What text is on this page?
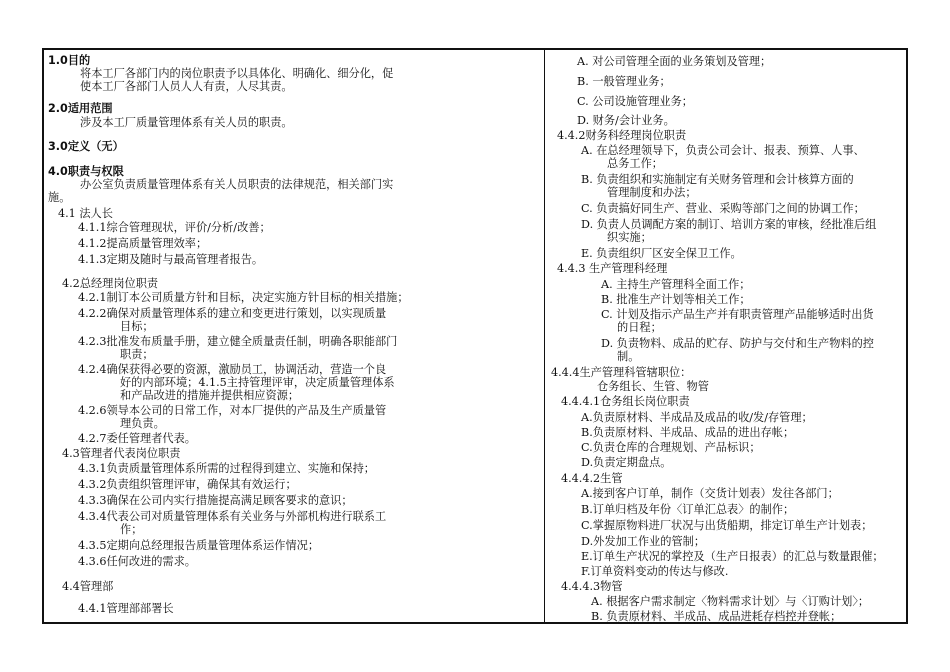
1.0目的
将本工厂各部门内的岗位职责予以具体化、明确化、细分化，促
使本工厂各部门人员人人有责，人尽其责。
2.0适用范围
涉及本工厂质量管理体系有关人员的职责。
3.0定义（无）
4.0职责与权限
办公室负责质量管理体系有关人员职责的法律规范，相关部门实
施。
4.1 法人长
4.1.1综合管理现状，评价/分析/改善；
4.1.2提高质量管理效率；
4.1.3定期及随时与最高管理者报告。
4.2总经理岗位职责
4.2.1制订本公司质量方针和目标，决定实施方针目标的相关措施；
4.2.2确保对质量管理体系的建立和变更进行策划，以实现质量
目标；
4.2.3批准发布质量手册，建立健全质量责任制，明确各职能部门
职责；
4.2.4确保获得必要的资源，激励员工，协调活动，营造一个良
好的内部环境；4.1.5主持管理评审，决定质量管理体系
和产品改进的措施并提供相应资源；
4.2.6领导本公司的日常工作，对本厂提供的产品及生产质量管
理负责。
4.2.7委任管理者代表。
4.3管理者代表岗位职责
4.3.1负责质量管理体系所需的过程得到建立、实施和保持；
4.3.2负责组织管理评审，确保其有效运行；
4.3.3确保在公司内实行措施提高满足顾客要求的意识；
4.3.4代表公司对质量管理体系有关业务与外部机构进行联系工
作；
4.3.5定期向总经理报告质量管理体系运作情况；
4.3.6任何改进的需求。
4.4管理部
4.4.1管理部部署长
A. 对公司管理全面的业务策划及管理；
B. 一般管理业务；
C. 公司设施管理业务；
D. 财务/会计业务。
4.4.2财务科经理岗位职责
A. 在总经理领导下，负责公司会计、报表、预算、人事、
总务工作；
B. 负责组织和实施制定有关财务管理和会计核算方面的
管理制度和办法；
C. 负责搞好同生产、营业、采购等部门之间的协调工作；
D. 负责人员调配方案的制订、培训方案的审核，经批准后组
织实施；
E. 负责组织厂区安全保卫工作。
4.4.3 生产管理科经理
A. 主持生产管理科全面工作；
B. 批准生产计划等相关工作；
C. 计划及指示产品生产并有职责管理产品能够适时出货
的日程；
D. 负责物料、成品的贮存、防护与交付和生产物料的控
制。
4.4.4生产管理科管辖职位：
仓务组长、生管、物管
4.4.4.1仓务组长岗位职责
A.负责原材料、半成品及成品的收/发/存管理；
B.负责原材料、半成品、成品的进出存帐；
C.负责仓库的合理规划、产品标识；
D.负责定期盘点。
4.4.4.2生管
A.接到客户订单，制作（交货计划表）发往各部门；
B.订单归档及年份〈订单汇总表〉的制作；
C.掌握原物料进厂状况与出货船期，排定订单生产计划表；
D.外发加工作业的管制；
E.订单生产状况的掌控及（生产日报表）的汇总与数量跟催；
F.订单资料变动的传达与修改.
4.4.4.3物管
A. 根据客户需求制定〈物料需求计划〉与〈订购计划〉；
B. 负责原材料、半成品、成品进耗存档控并登帐；
